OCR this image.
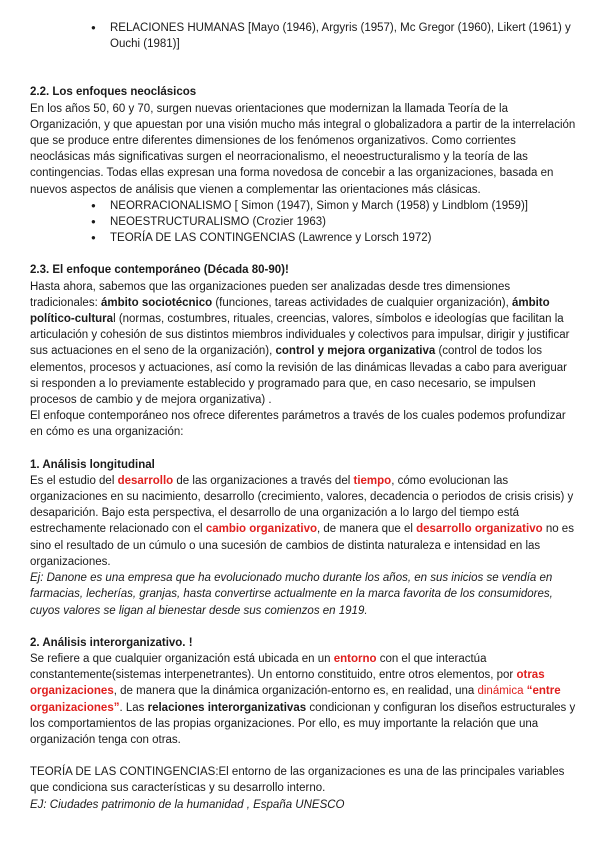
● RELACIONES HUMANAS [Mayo (1946), Argyris (1957), Mc Gregor (1960), Likert (1961) y Ouchi (1981)]
2.2. Los enfoques neoclásicos

En los años 50, 60 y 70, surgen nuevas orientaciones que modernizan la llamada Teoría de la Organización, y que apuestan por una visión mucho más integral o globalizadora a partir de la interrelación que se produce entre diferentes dimensiones de los fenómenos organizativos. Como corrientes neoclásicas más significativas surgen el neorracionalismo, el neoestructuralismo y la teoría de las contingencias. Todas ellas expresan una forma novedosa de concebir a las organizaciones, basada en nuevos aspectos de análisis que vienen a complementar las orientaciones más clásicas.

● NEORRACIONALISMO [ Simon (1947), Simon y March (1958) y Lindblom (1959)]
● NEOESTRUCTURALISMO (Crozier 1963)
● TEORÍA DE LAS CONTINGENCIAS (Lawrence y Lorsch 1972)
2.3. El enfoque contemporáneo (Década 80-90)!

Hasta ahora, sabemos que las organizaciones pueden ser analizadas desde tres dimensiones tradicionales: ámbito sociotécnico (funciones, tareas actividades de cualquier organización), ámbito político-cultural (normas, costumbres, rituales, creencias, valores, símbolos e ideologías que facilitan la articulación y cohesión de sus distintos miembros individuales y colectivos para impulsar, dirigir y justificar sus actuaciones en el seno de la organización), control y mejora organizativa (control de todos los elementos, procesos y actuaciones, así como la revisión de las dinámicas llevadas a cabo para averiguar si responden a lo previamente establecido y programado para que, en caso necesario, se impulsen procesos de cambio y de mejora organizativa) .

El enfoque contemporáneo nos ofrece diferentes parámetros a través de los cuales podemos profundizar en cómo es una organización:

1. Análisis longitudinal

Es el estudio del desarrollo de las organizaciones a través del tiempo, cómo evolucionan las organizaciones en su nacimiento, desarrollo (crecimiento, valores, decadencia o periodos de crisis crisis) y desaparición. Bajo esta perspectiva, el desarrollo de una organización a lo largo del tiempo está estrechamente relacionado con el cambio organizativo, de manera que el desarrollo organizativo no es sino el resultado de un cúmulo o una sucesión de cambios de distinta naturaleza e intensidad en las organizaciones.

Ej: Danone es una empresa que ha evolucionado mucho durante los años, en sus inicios se vendía en farmacias, lecherías, granjas, hasta convertirse actualmente en la marca favorita de los consumidores, cuyos valores se ligan al bienestar desde sus comienzos en 1919.

2. Análisis interorganizativo. !

Se refiere a que cualquier organización está ubicada en un entorno con el que interactúa constantemente(sistemas interpenetrantes). Un entorno constituido, entre otros elementos, por otras organizaciones, de manera que la dinámica organización-entorno es, en realidad, una dinámica “entre organizaciones”. Las relaciones interorganizativas condicionan y configuran los diseños estructurales y los comportamientos de las propias organizaciones. Por ello, es muy importante la relación que una organización tenga con otras.

TEORÍA DE LAS CONTINGENCIAS:El entorno de las organizaciones es una de las principales variables que condiciona sus características y su desarrollo interno.

EJ: Ciudades patrimonio de la humanidad , España UNESCO
